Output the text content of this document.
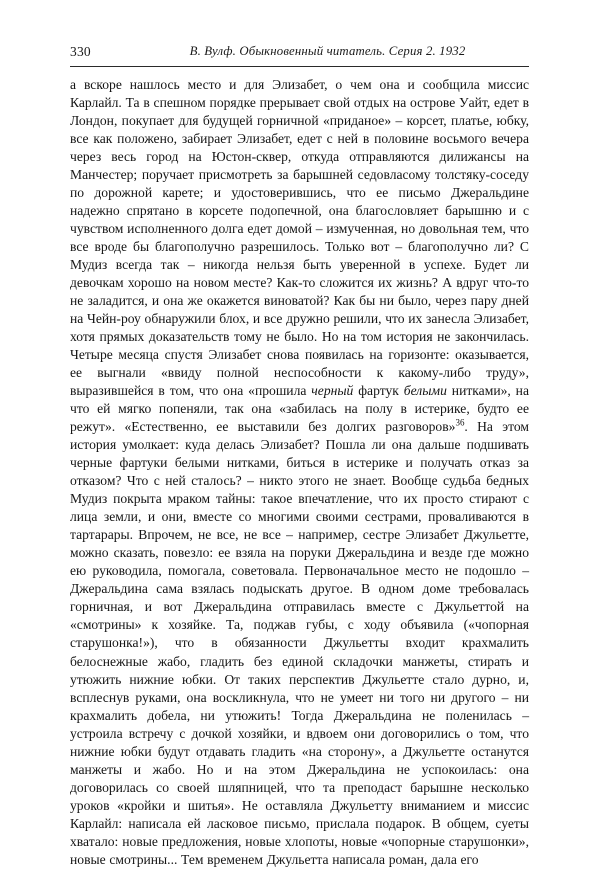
330	В. Вулф. Обыкновенный читатель. Серия 2. 1932

а вскоре нашлось место и для Элизабет, о чем она и сообщила миссис Карлайл. Та в спешном порядке прерывает свой отдых на острове Уайт, едет в Лондон, покупает для будущей горничной «приданое» – корсет, платье, юбку, все как положено, забирает Элизабет, едет с ней в половине восьмого вечера через весь город на Юстон-сквер, откуда отправляются дилижансы на Манчестер; поручает присмотреть за барышней седовласому толстяку-соседу по дорожной карете; и удостоверившись, что ее письмо Джеральдине надежно спрятано в корсете подопечной, она благословляет барышню и с чувством исполненного долга едет домой – измученная, но довольная тем, что все вроде бы благополучно разрешилось. Только вот – благополучно ли? С Мудиз всегда так – никогда нельзя быть уверенной в успехе. Будет ли девочкам хорошо на новом месте? Как-то сложится их жизнь? А вдруг что-то не заладится, и она же окажется виноватой? Как бы ни было, через пару дней на Чейн-роу обнаружили блох, и все дружно решили, что их занесла Элизабет, хотя прямых доказательств тому не было. Но на том история не закончилась. Четыре месяца спустя Элизабет снова появилась на горизонте: оказывается, ее выгнали «ввиду полной неспособности к какому-либо труду», выразившейся в том, что она «прошила черный фартук белыми нитками», на что ей мягко попеняли, так она «забилась на полу в истерике, будто ее режут». «Естественно, ее выставили без долгих разговоров»$^{36}$. На этом история умолкает: куда делась Элизабет? Пошла ли она дальше подшивать черные фартуки белыми нитками, биться в истерике и получать отказ за отказом? Что с ней сталось? – никто этого не знает. Вообще судьба бедных Мудиз покрыта мраком тайны: такое впечатление, что их просто стирают с лица земли, и они, вместе со многими своими сестрами, проваливаются в тартарары. Впрочем, не все, не все – например, сестре Элизабет Джульетте, можно сказать, повезло: ее взяла на поруки Джеральдина и везде где можно ею руководила, помогала, советовала. Первоначальное место не подошло – Джеральдина сама взялась подыскать другое. В одном доме требовалась горничная, и вот Джеральдина отправилась вместе с Джульеттой на «смотрины» к хозяйке. Та, поджав губы, с ходу объявила («чопорная старушонка!»), что в обязанности Джульетты входит крахмалить белоснежные жабо, гладить без единой складочки манжеты, стирать и утюжить нижние юбки. От таких перспектив Джульетте стало дурно, и, всплеснув руками, она воскликнула, что не умеет ни того ни другого – ни крахмалить добела, ни утюжить! Тогда Джеральдина не поленилась – устроила встречу с дочкой хозяйки, и вдвоем они договорились о том, что нижние юбки будут отдавать гладить «на сторону», а Джульетте останутся манжеты и жабо. Но и на этом Джеральдина не успокоилась: она договорилась со своей шляпницей, что та преподаст барышне несколько уроков «кройки и шитья». Не оставляла Джульетту вниманием и миссис Карлайл: написала ей ласковое письмо, прислала подарок. В общем, суеты хватало: новые предложения, новые хлопоты, новые «чопорные старушонки», новые смотрины... Тем временем Джульетта написала роман, дала его
